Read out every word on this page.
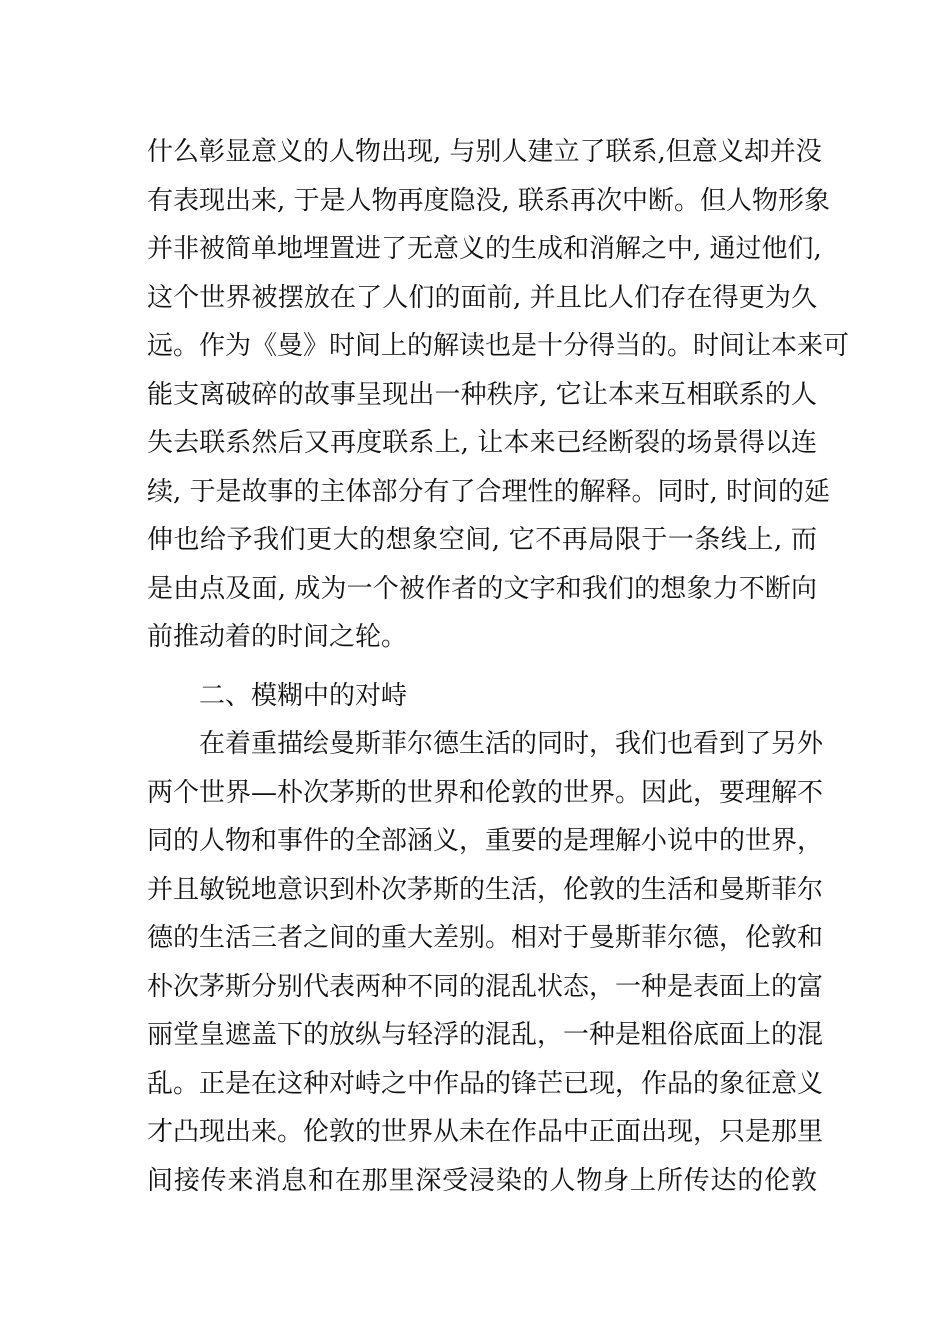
什么彰显意义的人物出现, 与别人建立了联系,但意义却并没
有表现出来, 于是人物再度隐没, 联系再次中断。但人物形象
并非被简单地埋置进了无意义的生成和消解之中, 通过他们,
这个世界被摆放在了人们的面前, 并且比人们存在得更为久
远。作为《曼》时间上的解读也是十分得当的。时间让本来可
能支离破碎的故事呈现出一种秩序, 它让本来互相联系的人
失去联系然后又再度联系上, 让本来已经断裂的场景得以连
续, 于是故事的主体部分有了合理性的解释。同时, 时间的延
伸也给予我们更大的想象空间, 它不再局限于一条线上, 而
是由点及面, 成为一个被作者的文字和我们的想象力不断向
前推动着的时间之轮。
二、模糊中的对峙
在着重描绘曼斯菲尔德生活的同时，我们也看到了另外
两个世界—朴次茅斯的世界和伦敦的世界。因此，要理解不
同的人物和事件的全部涵义，重要的是理解小说中的世界，
并且敏锐地意识到朴次茅斯的生活，伦敦的生活和曼斯菲尔
德的生活三者之间的重大差别。相对于曼斯菲尔德，伦敦和
朴次茅斯分别代表两种不同的混乱状态，一种是表面上的富
丽堂皇遮盖下的放纵与轻浮的混乱，一种是粗俗底面上的混
乱。正是在这种对峙之中作品的锋芒已现，作品的象征意义
才凸现出来。伦敦的世界从未在作品中正面出现，只是那里
间接传来消息和在那里深受浸染的人物身上所传达的伦敦
